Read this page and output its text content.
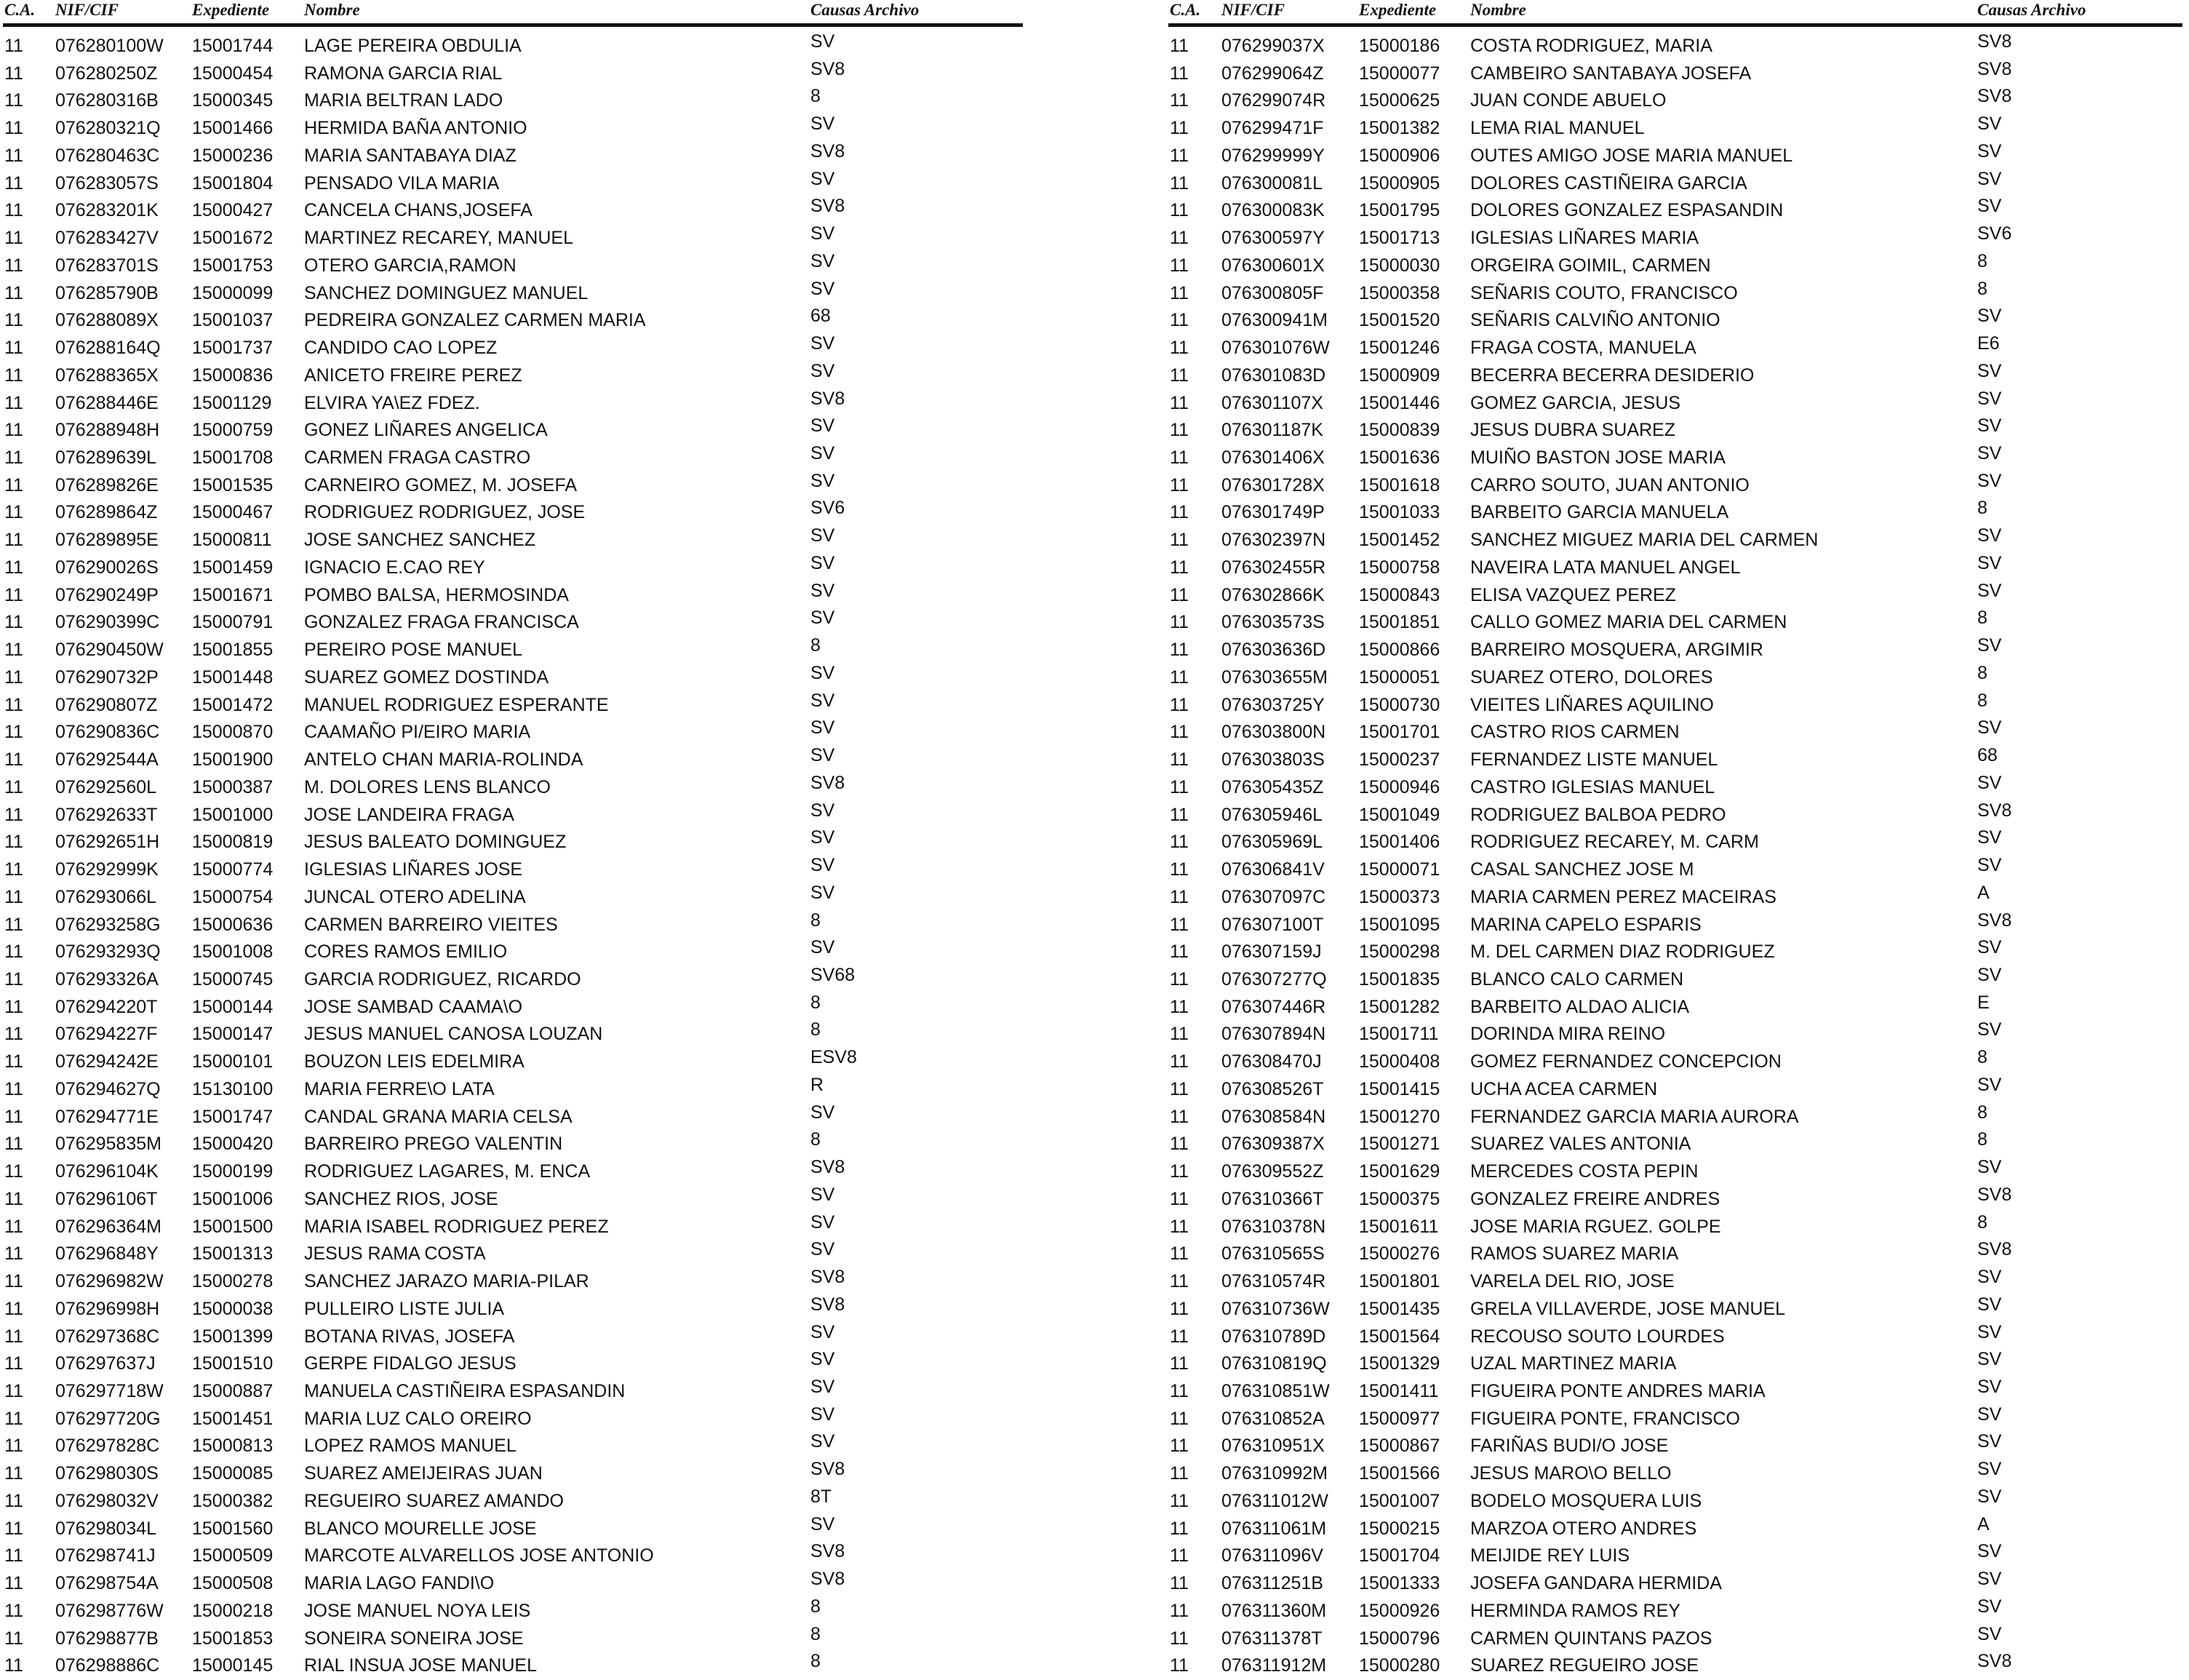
C.A. NIF/CIF	Expediente Nombre	Causas Archivo
11 076280100W 15001744 LAGE PEREIRA OBDULIA	SV
11 076280250Z 15000454 RAMONA GARCIA RIAL	SV8
11 076280316B 15000345 MARIA BELTRAN LADO	8
11 076280321Q 15001466 HERMIDA BAÑA ANTONIO	SV
11 076280463C 15000236 MARIA SANTABAYA DIAZ	SV8
11 076283057S 15001804 PENSADO VILA MARIA	SV
11 076283201K 15000427 CANCELA CHANS,JOSEFA	SV8
11 076283427V 15001672 MARTINEZ RECAREY, MANUEL	SV
11 076283701S 15001753 OTERO GARCIA,RAMON	SV
11 076285790B 15000099 SANCHEZ DOMINGUEZ MANUEL	SV
11 076288089X 15001037 PEDREIRA GONZALEZ CARMEN MARIA	68
11 076288164Q 15001737 CANDIDO CAO LOPEZ	SV
11 076288365X 15000836 ANICETO FREIRE PEREZ	SV
11 076288446E 15001129 ELVIRA YA\EZ FDEZ.	SV8
11 076288948H 15000759 GONEZ LIÑARES ANGELICA	SV
11 076289639L 15001708 CARMEN FRAGA CASTRO	SV
11 076289826E 15001535 CARNEIRO GOMEZ, M. JOSEFA	SV
11 076289864Z 15000467 RODRIGUEZ RODRIGUEZ, JOSE	SV6
11 076289895E 15000811 JOSE SANCHEZ SANCHEZ	SV
11 076290026S 15001459 IGNACIO E.CAO REY	SV
11 076290249P 15001671 POMBO BALSA, HERMOSINDA	SV
11 076290399C 15000791 GONZALEZ FRAGA FRANCISCA	SV
11 076290450W 15001855 PEREIRO POSE MANUEL	8
11 076290732P 15001448 SUAREZ GOMEZ DOSTINDA	SV
11 076290807Z 15001472 MANUEL RODRIGUEZ ESPERANTE	SV
11 076290836C 15000870 CAAMAÑO PI/EIRO MARIA	SV
11 076292544A 15001900 ANTELO CHAN MARIA-ROLINDA	SV
11 076292560L 15000387 M. DOLORES LENS BLANCO	SV8
11 076292633T 15001000 JOSE LANDEIRA FRAGA	SV
11 076292651H 15000819 JESUS BALEATO DOMINGUEZ	SV
11 076292999K 15000774 IGLESIAS LIÑARES JOSE	SV
11 076293066L 15000754 JUNCAL OTERO ADELINA	SV
11 076293258G 15000636 CARMEN BARREIRO VIEITES	8
11 076293293Q 15001008 CORES RAMOS EMILIO	SV
11 076293326A 15000745 GARCIA RODRIGUEZ, RICARDO	SV68
11 076294220T 15000144 JOSE SAMBAD CAAMA\O	8
11 076294227F 15000147 JESUS MANUEL CANOSA LOUZAN	8
11 076294242E 15000101 BOUZON LEIS EDELMIRA	ESV8
11 076294627Q 15130100 MARIA FERRE\O LATA	R
11 076294771E 15001747 CANDAL GRANA MARIA CELSA	SV
11 076295835M 15000420 BARREIRO PREGO VALENTIN	8
11 076296104K 15000199 RODRIGUEZ LAGARES, M. ENCA	SV8
11 076296106T 15001006 SANCHEZ RIOS, JOSE	SV
11 076296364M 15001500 MARIA ISABEL RODRIGUEZ PEREZ	SV
11 076296848Y 15001313 JESUS RAMA COSTA	SV
11 076296982W 15000278 SANCHEZ JARAZO MARIA-PILAR	SV8
11 076296998H 15000038 PULLEIRO LISTE JULIA	SV8
11 076297368C 15001399 BOTANA RIVAS, JOSEFA	SV
11 076297637J 15001510 GERPE FIDALGO JESUS	SV
11 076297718W 15000887 MANUELA CASTIÑEIRA ESPASANDIN	SV
11 076297720G 15001451 MARIA LUZ CALO OREIRO	SV
11 076297828C 15000813 LOPEZ RAMOS MANUEL	SV
11 076298030S 15000085 SUAREZ AMEIJEIRAS JUAN	SV8
11 076298032V 15000382 REGUEIRO SUAREZ AMANDO	8T
11 076298034L 15001560 BLANCO MOURELLE JOSE	SV
11 076298741J 15000509 MARCOTE ALVARELLOS JOSE ANTONIO	SV8
11 076298754A 15000508 MARIA LAGO FANDI\O	SV8
11 076298776W 15000218 JOSE MANUEL NOYA LEIS	8
11 076298877B 15001853 SONEIRA SONEIRA JOSE	8
11 076298886C 15000145 RIAL INSUA JOSE MANUEL	8
C.A. NIF/CIF	Expediente Nombre	Causas Archivo
11 076299037X 15000186 COSTA RODRIGUEZ, MARIA	SV8
11 076299064Z 15000077 CAMBEIRO SANTABAYA JOSEFA	SV8
11 076299074R 15000625 JUAN CONDE ABUELO	SV8
11 076299471F 15001382 LEMA RIAL MANUEL	SV
11 076299999Y 15000906 OUTES AMIGO JOSE MARIA MANUEL	SV
11 076300081L 15000905 DOLORES CASTIÑEIRA GARCIA	SV
11 076300083K 15001795 DOLORES GONZALEZ ESPASANDIN	SV
11 076300597Y 15001713 IGLESIAS LIÑARES MARIA	SV6
11 076300601X 15000030 ORGEIRA GOIMIL, CARMEN	8
11 076300805F 15000358 SEÑARIS COUTO, FRANCISCO	8
11 076300941M 15001520 SEÑARIS CALVIÑO ANTONIO	SV
11 076301076W 15001246 FRAGA COSTA, MANUELA	E6
11 076301083D 15000909 BECERRA BECERRA DESIDERIO	SV
11 076301107X 15001446 GOMEZ GARCIA, JESUS	SV
11 076301187K 15000839 JESUS DUBRA SUAREZ	SV
11 076301406X 15001636 MUIÑO BASTON JOSE MARIA	SV
11 076301728X 15001618 CARRO SOUTO, JUAN ANTONIO	SV
11 076301749P 15001033 BARBEITO GARCIA MANUELA	8
11 076302397N 15001452 SANCHEZ MIGUEZ MARIA DEL CARMEN	SV
11 076302455R 15000758 NAVEIRA LATA MANUEL ANGEL	SV
11 076302866K 15000843 ELISA VAZQUEZ PEREZ	SV
11 076303573S 15001851 CALLO GOMEZ MARIA DEL CARMEN	8
11 076303636D 15000866 BARREIRO MOSQUERA, ARGIMIR	SV
11 076303655M 15000051 SUAREZ OTERO, DOLORES	8
11 076303725Y 15000730 VIEITES LIÑARES AQUILINO	8
11 076303800N 15001701 CASTRO RIOS CARMEN	SV
11 076303803S 15000237 FERNANDEZ LISTE MANUEL	68
11 076305435Z 15000946 CASTRO IGLESIAS MANUEL	SV
11 076305946L 15001049 RODRIGUEZ BALBOA PEDRO	SV8
11 076305969L 15001406 RODRIGUEZ RECAREY, M. CARM	SV
11 076306841V 15000071 CASAL SANCHEZ JOSE M	SV
11 076307097C 15000373 MARIA CARMEN PEREZ MACEIRAS	A
11 076307100T 15001095 MARINA CAPELO ESPARIS	SV8
11 076307159J 15000298 M. DEL CARMEN DIAZ RODRIGUEZ	SV
11 076307277Q 15001835 BLANCO CALO CARMEN	SV
11 076307446R 15001282 BARBEITO ALDAO ALICIA	E
11 076307894N 15001711 DORINDA MIRA REINO	SV
11 076308470J 15000408 GOMEZ FERNANDEZ CONCEPCION	8
11 076308526T 15001415 UCHA ACEA CARMEN	SV
11 076308584N 15001270 FERNANDEZ GARCIA MARIA AURORA	8
11 076309387X 15001271 SUAREZ VALES ANTONIA	8
11 076309552Z 15001629 MERCEDES COSTA PEPIN	SV
11 076310366T 15000375 GONZALEZ FREIRE ANDRES	SV8
11 076310378N 15001611 JOSE MARIA RGUEZ. GOLPE	8
11 076310565S 15000276 RAMOS SUAREZ MARIA	SV8
11 076310574R 15001801 VARELA DEL RIO, JOSE	SV
11 076310736W 15001435 GRELA VILLAVERDE, JOSE MANUEL	SV
11 076310789D 15001564 RECOUSO SOUTO LOURDES	SV
11 076310819Q 15001329 UZAL MARTINEZ MARIA	SV
11 076310851W 15001411 FIGUEIRA PONTE ANDRES MARIA	SV
11 076310852A 15000977 FIGUEIRA PONTE, FRANCISCO	SV
11 076310951X 15000867 FARIÑAS BUDI/O JOSE	SV
11 076310992M 15001566 JESUS MARO\O BELLO	SV
11 076311012W 15001007 BODELO MOSQUERA LUIS	SV
11 076311061M 15000215 MARZOA OTERO ANDRES	A
11 076311096V 15001704 MEIJIDE REY LUIS	SV
11 076311251B 15001333 JOSEFA GANDARA HERMIDA	SV
11 076311360M 15000926 HERMINDA RAMOS REY	SV
11 076311378T 15000796 CARMEN QUINTANS PAZOS	SV
11 076311912M 15000280 SUAREZ REGUEIRO JOSE	SV8
